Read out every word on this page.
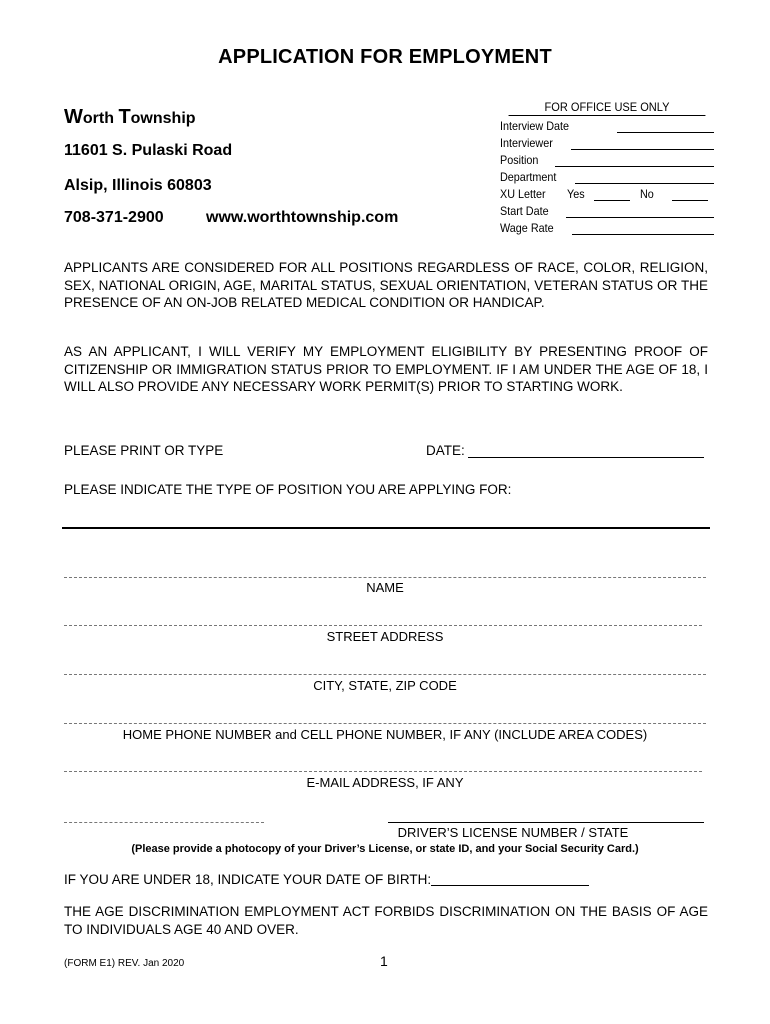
APPLICATION FOR EMPLOYMENT
Worth Township
11601 S. Pulaski Road
Alsip, Illinois 60803
708-371-2900	www.worthtownship.com
FOR OFFICE USE ONLY
Interview Date
Interviewer
Position
Department
XU Letter Yes	No
Start Date
Wage Rate
APPLICANTS ARE CONSIDERED FOR ALL POSITIONS REGARDLESS OF RACE, COLOR, RELIGION, SEX, NATIONAL ORIGIN, AGE, MARITAL STATUS, SEXUAL ORIENTATION, VETERAN STATUS OR THE PRESENCE OF AN ON-JOB RELATED MEDICAL CONDITION OR HANDICAP.
AS AN APPLICANT, I WILL VERIFY MY EMPLOYMENT ELIGIBILITY BY PRESENTING PROOF OF CITIZENSHIP OR IMMIGRATION STATUS PRIOR TO EMPLOYMENT. IF I AM UNDER THE AGE OF 18, I WILL ALSO PROVIDE ANY NECESSARY WORK PERMIT(S) PRIOR TO STARTING WORK.
PLEASE PRINT OR TYPE	DATE:
PLEASE INDICATE THE TYPE OF POSITION YOU ARE APPLYING FOR:
NAME
STREET ADDRESS
CITY, STATE, ZIP CODE
HOME PHONE NUMBER and CELL PHONE NUMBER, IF ANY (INCLUDE AREA CODES)
E-MAIL ADDRESS, IF ANY
DRIVER’S LICENSE NUMBER / STATE
(Please provide a photocopy of your Driver’s License, or state ID, and your Social Security Card.)
IF YOU ARE UNDER 18, INDICATE YOUR DATE OF BIRTH:
THE AGE DISCRIMINATION EMPLOYMENT ACT FORBIDS DISCRIMINATION ON THE BASIS OF AGE TO INDIVIDUALS AGE 40 AND OVER.
(FORM E1) REV. Jan 2020	1
